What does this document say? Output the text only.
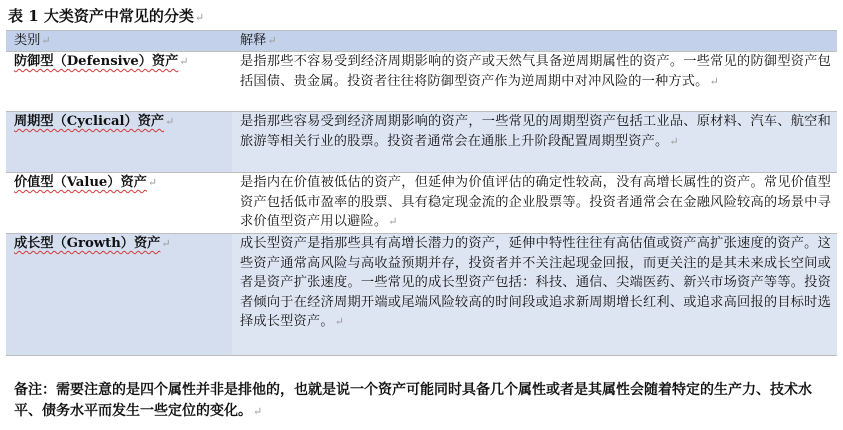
表 1 大类资产中常见的分类↵
类别↵	解释↵
防御型（Defensive）资产↵	是指那些不容易受到经济周期影响的资产或天然气具备逆周期属性的资产。一些常见的防御型资产包括国债、贵金属。投资者往往将防御型资产作为逆周期中对冲风险的一种方式。↵
周期型（Cyclical）资产↵	是指那些容易受到经济周期影响的资产，一些常见的周期型资产包括工业品、原材料、汽车、航空和旅游等相关行业的股票。投资者通常会在通胀上升阶段配置周期型资产。↵
价值型（Value）资产↵	是指内在价值被低估的资产，但延伸为价值评估的确定性较高，没有高增长属性的资产。常见价值型资产包括低市盈率的股票、具有稳定现金流的企业股票等。投资者通常会在金融风险较高的场景中寻求价值型资产用以避险。↵
成长型（Growth）资产↵	成长型资产是指那些具有高增长潜力的资产，延伸中特性往往有高估值或资产高扩张速度的资产。这些资产通常高风险与高收益预期并存，投资者并不关注起现金回报，而更关注的是其未来成长空间或者是资产扩张速度。一些常见的成长型资产包括：科技、通信、尖端医药、新兴市场资产等等。投资者倾向于在经济周期开端或尾端风险较高的时间段或追求新周期增长红利、或追求高回报的目标时选择成长型资产。↵
备注：需要注意的是四个属性并非是排他的，也就是说一个资产可能同时具备几个属性或者是其属性会随着特定的生产力、技术水平、债务水平而发生一些定位的变化。↵
